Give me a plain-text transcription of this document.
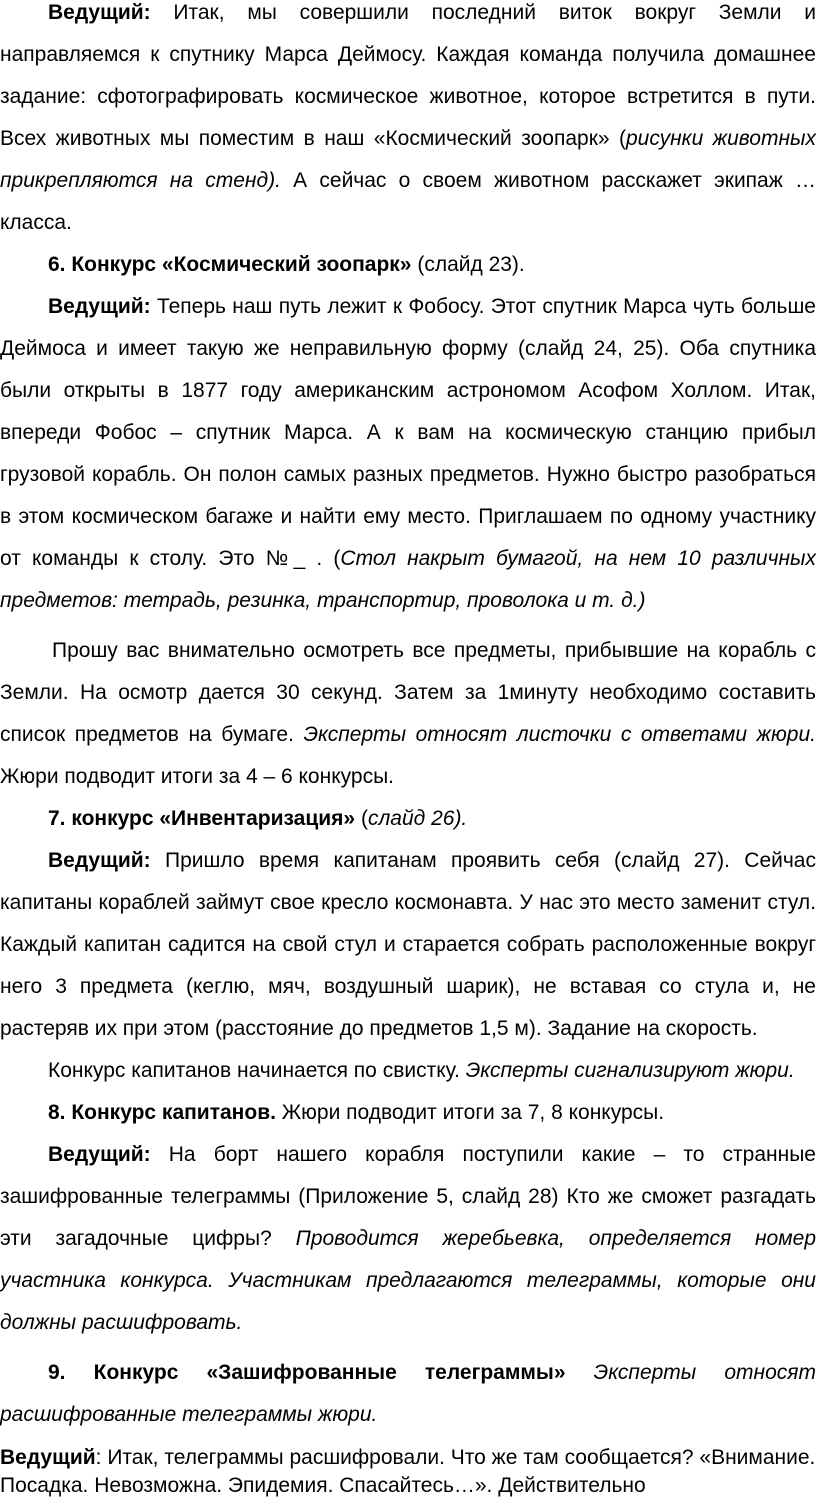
Ведущий: Итак, мы совершили последний виток вокруг Земли и направляемся к спутнику Марса Деймосу. Каждая команда получила домашнее задание: сфотографировать космическое животное, которое встретится в пути. Всех животных мы поместим в наш «Космический зоопарк» (рисунки животных прикрепляются на стенд). А сейчас о своем животном расскажет экипаж … класса.

6. Конкурс «Космический зоопарк» (слайд 23).

Ведущий: Теперь наш путь лежит к Фобосу. Этот спутник Марса чуть больше Деймоса и имеет такую же неправильную форму (слайд 24, 25). Оба спутника были открыты в 1877 году американским астрономом Асофом Холлом. Итак, впереди Фобос – спутник Марса. А к вам на космическую станцию прибыл грузовой корабль. Он полон самых разных предметов. Нужно быстро разобраться в этом космическом багаже и найти ему место. Приглашаем по одному участнику от команды к столу. Это №_ . (Стол накрыт бумагой, на нем 10 различных предметов: тетрадь, резинка, транспортир, проволока и т. д.)

Прошу вас внимательно осмотреть все предметы, прибывшие на корабль с Земли. На осмотр дается 30 секунд. Затем за 1минуту необходимо составить список предметов на бумаге. Эксперты относят листочки с ответами жюри. Жюри подводит итоги за 4 – 6 конкурсы.

7. конкурс «Инвентаризация» (слайд 26).

Ведущий: Пришло время капитанам проявить себя (слайд 27). Сейчас капитаны кораблей займут свое кресло космонавта. У нас это место заменит стул. Каждый капитан садится на свой стул и старается собрать расположенные вокруг него 3 предмета (кеглю, мяч, воздушный шарик), не вставая со стула и, не растеряв их при этом (расстояние до предметов 1,5 м). Задание на скорость.

Конкурс капитанов начинается по свистку. Эксперты сигнализируют жюри.

8. Конкурс капитанов. Жюри подводит итоги за 7, 8 конкурсы.

Ведущий: На борт нашего корабля поступили какие – то странные зашифрованные телеграммы (Приложение 5, слайд 28) Кто же сможет разгадать эти загадочные цифры? Проводится жеребьевка, определяется номер участника конкурса. Участникам предлагаются телеграммы, которые они должны расшифровать.

9. Конкурс «Зашифрованные телеграммы» Эксперты относят расшифрованные телеграммы жюри.

Ведущий: Итак, телеграммы расшифровали. Что же там сообщается? «Внимание. Посадка. Невозможна. Эпидемия. Спасайтесь…». Действительно
